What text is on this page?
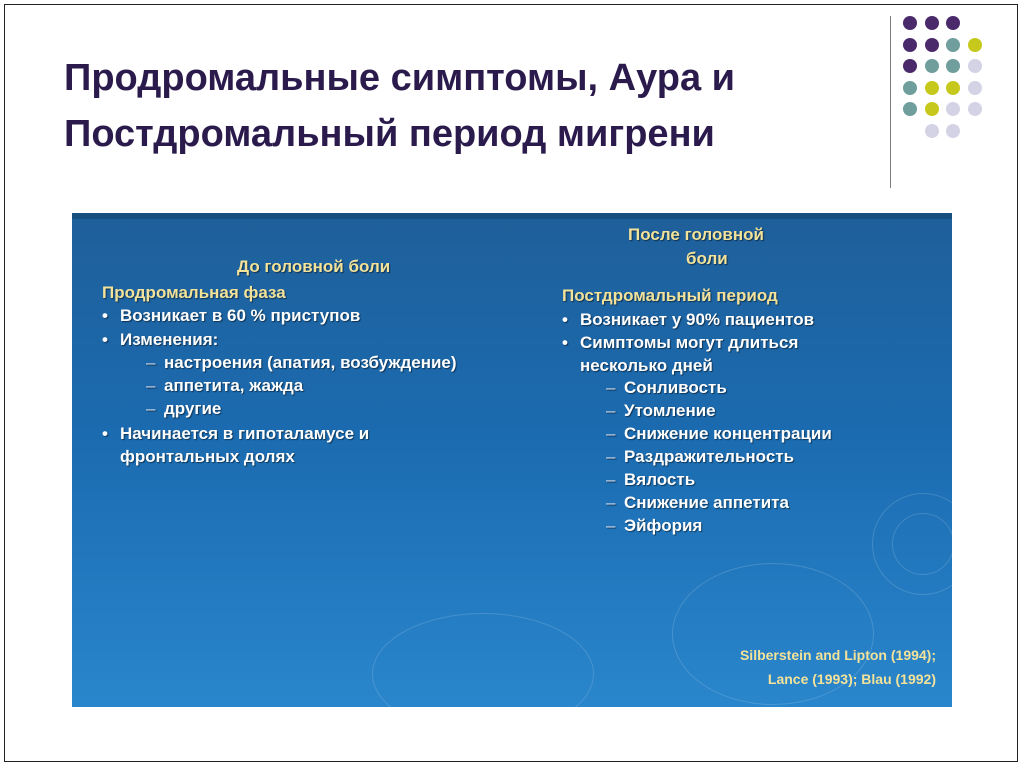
Продромальные симптомы, Аура и
Постдромальный период мигрени
До головной боли
Продромальная фаза
• Возникает в 60 % приступов
• Изменения:
– настроения (апатия, возбуждение)
– аппетита, жажда
– другие
• Начинается в гипоталамусе и
фронтальных долях
После головной
боли
Постдромальный период
• Возникает у 90% пациентов
• Симптомы могут длиться
несколько дней
– Сонливость
– Утомление
– Снижение концентрации
– Раздражительность
– Вялость
– Снижение аппетита
– Эйфория
Silberstein and Lipton (1994);
Lance (1993); Blau (1992)
